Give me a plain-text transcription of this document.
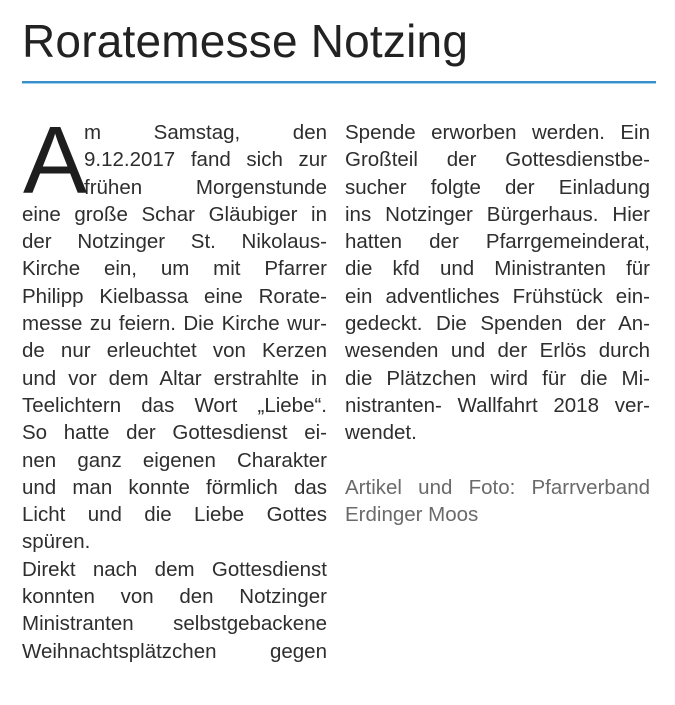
Roratemesse Notzing
A
m Samstag, den
9.12.2017 fand sich zur
frühen Morgenstunde
eine große Schar Gläubiger in
der Notzinger St. Nikolaus-
Kirche ein, um mit Pfarrer
Philipp Kielbassa eine Rorate-
messe zu feiern. Die Kirche wur-
de nur erleuchtet von Kerzen
und vor dem Altar erstrahlte in
Teelichtern das Wort „Liebe“.
So hatte der Gottesdienst ei-
nen ganz eigenen Charakter
und man konnte förmlich das
Licht und die Liebe Gottes
spüren.
Direkt nach dem Gottesdienst
konnten von den Notzinger
Ministranten selbstgebackene
Weihnachtsplätzchen gegen
Spende erworben werden. Ein
Großteil der Gottesdienstbe-
sucher folgte der Einladung
ins Notzinger Bürgerhaus. Hier
hatten der Pfarrgemeinderat,
die kfd und Ministranten für
ein adventliches Frühstück ein-
gedeckt. Die Spenden der An-
wesenden und der Erlös durch
die Plätzchen wird für die Mi-
nistranten- Wallfahrt 2018 ver-
wendet.
Artikel und Foto: Pfarrverband
Erdinger Moos
